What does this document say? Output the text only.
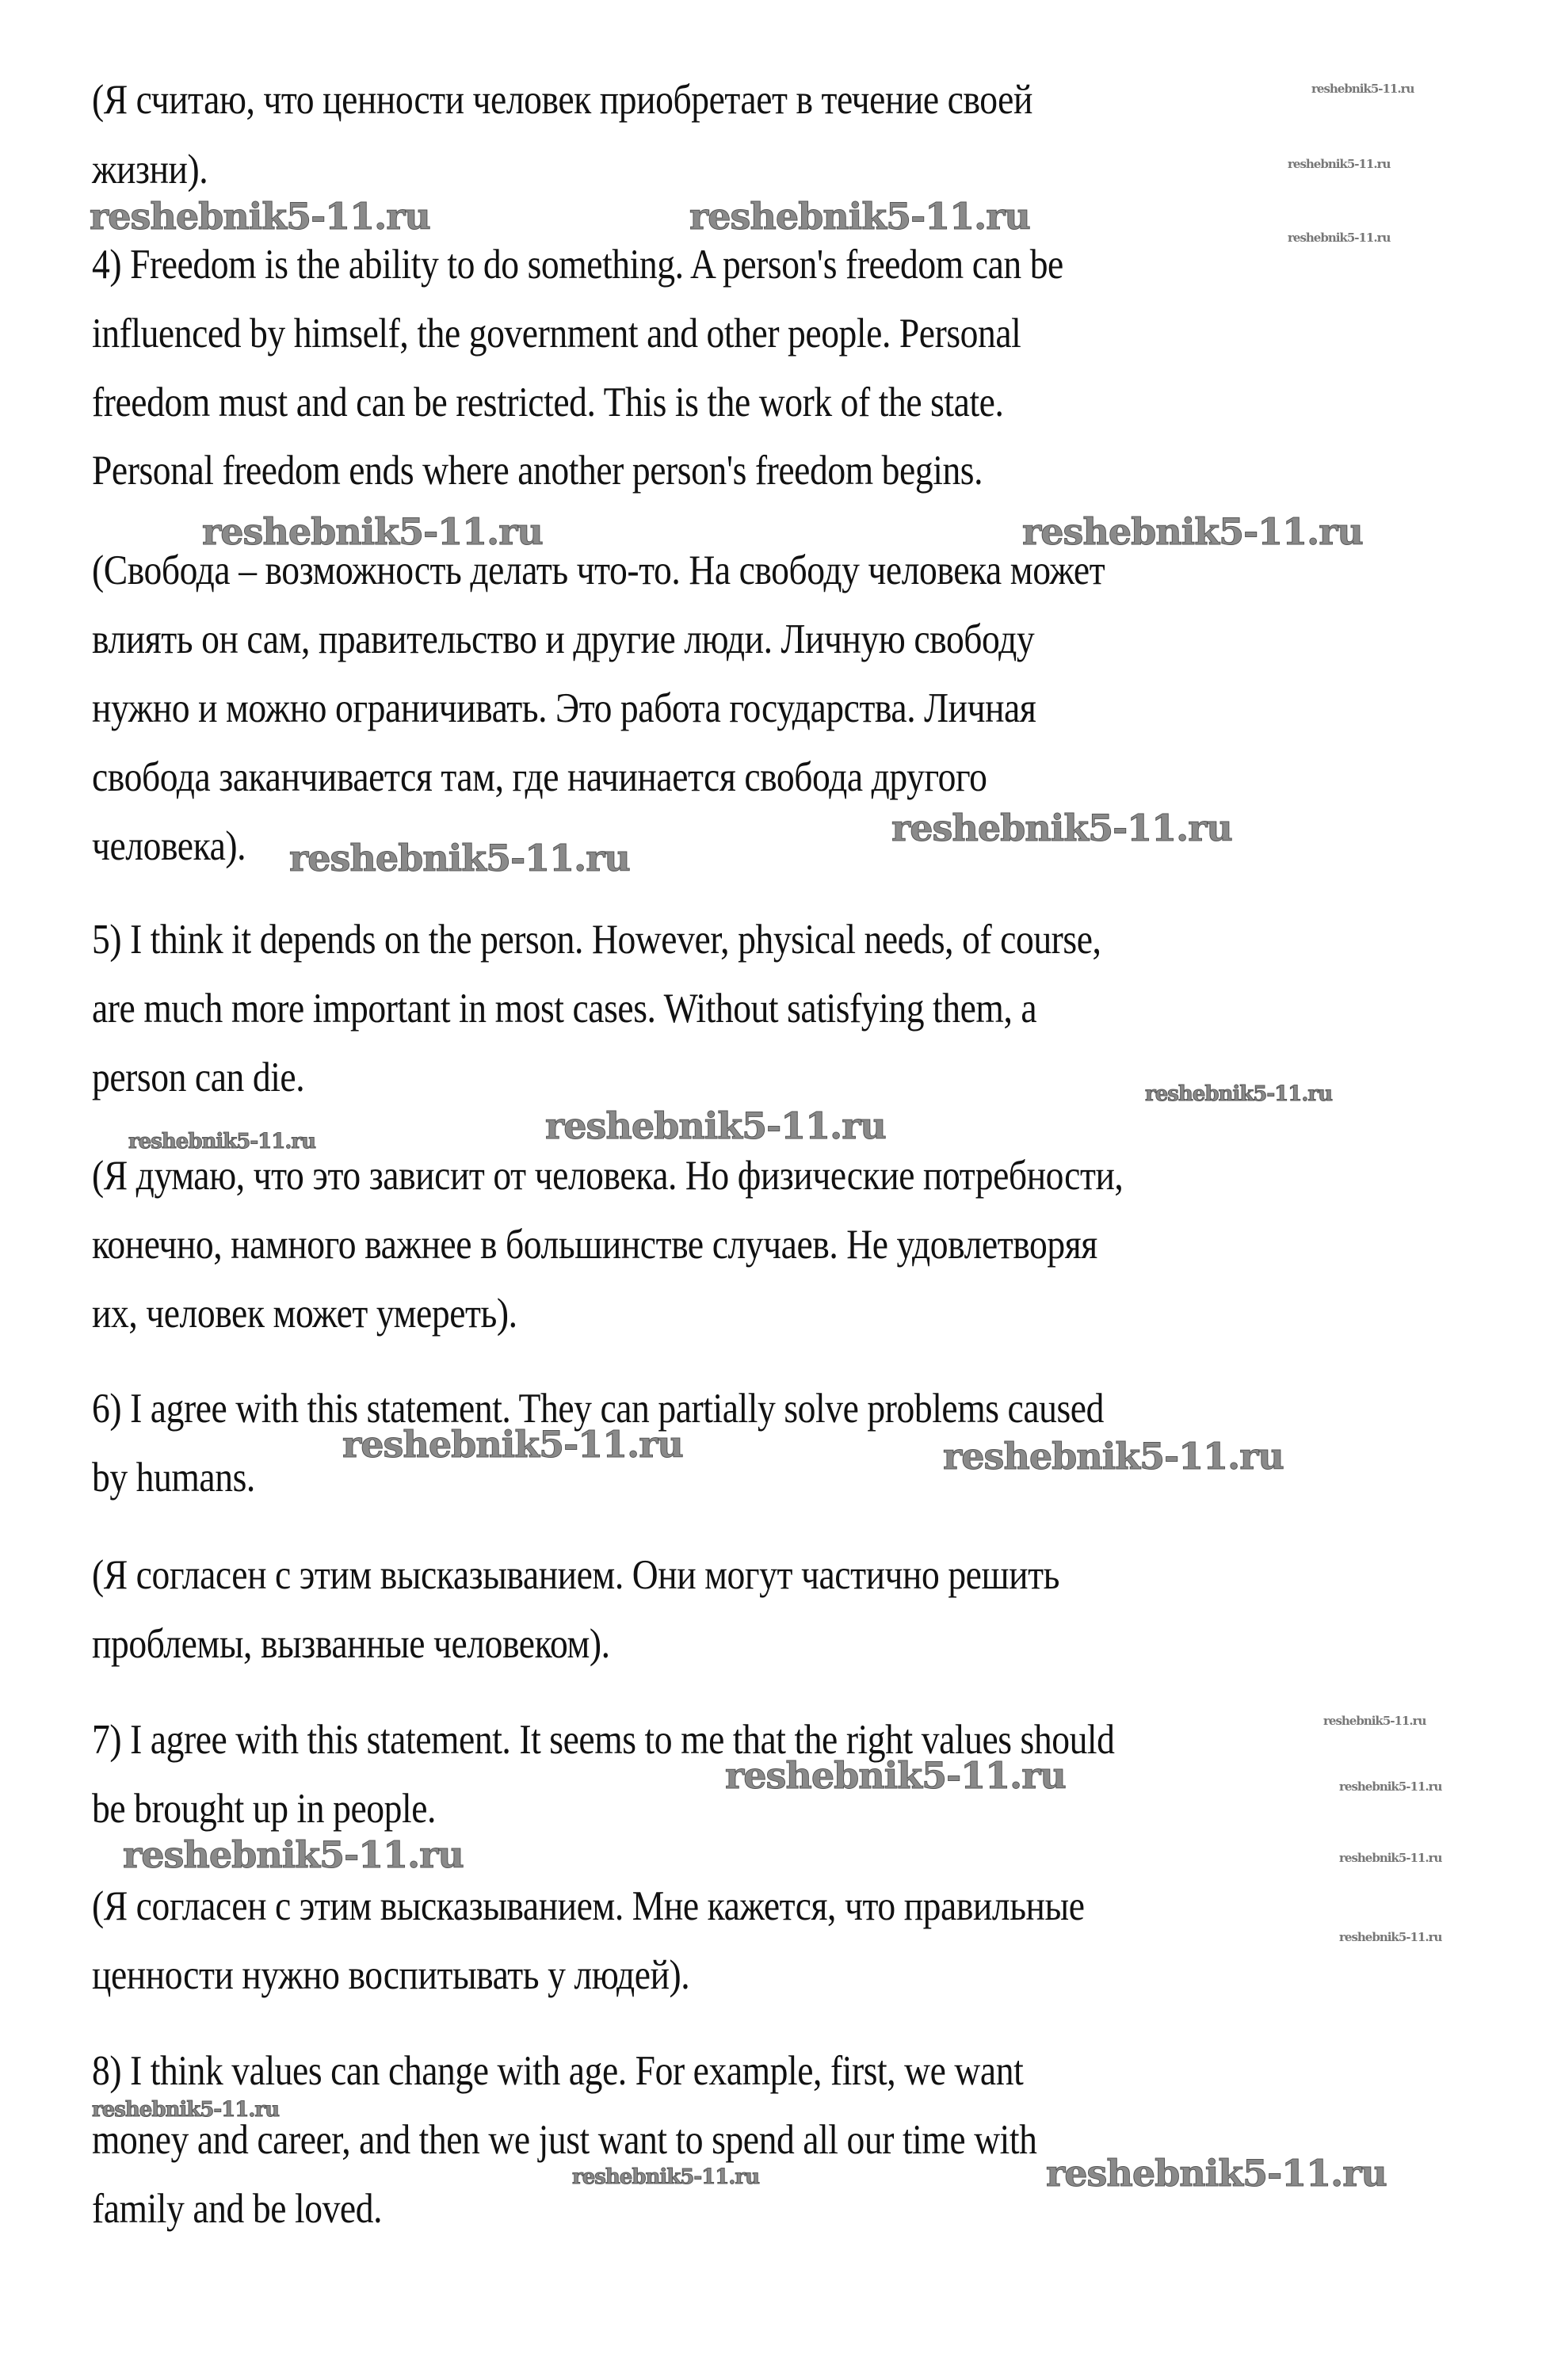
(Я считаю, что ценности человек приобретает в течение своей
жизни).
4) Freedom is the ability to do something. A person's freedom can be
influenced by himself, the government and other people. Personal
freedom must and can be restricted. This is the work of the state.
Personal freedom ends where another person's freedom begins.
(Свобода – возможность делать что-то. На свободу человека может
влиять он сам, правительство и другие люди. Личную свободу
нужно и можно ограничивать. Это работа государства. Личная
свобода заканчивается там, где начинается свобода другого
человека).
5) I think it depends on the person. However, physical needs, of course,
are much more important in most cases. Without satisfying them, a
person can die.
(Я думаю, что это зависит от человека. Но физические потребности,
конечно, намного важнее в большинстве случаев. Не удовлетворяя
их, человек может умереть).
6) I agree with this statement. They can partially solve problems caused
by humans.
(Я согласен с этим высказыванием. Они могут частично решить
проблемы, вызванные человеком).
7) I agree with this statement. It seems to me that the right values should
be brought up in people.
(Я согласен с этим высказыванием. Мне кажется, что правильные
ценности нужно воспитывать у людей).
8) I think values can change with age. For example, first, we want
money and career, and then we just want to spend all our time with
family and be loved.
reshebnik5-11.ru
reshebnik5-11.ru
reshebnik5-11.ru	reshebnik5-11.ru	reshebnik5-11.ru
reshebnik5-11.ru	reshebnik5-11.ru
reshebnik5-11.ru
reshebnik5-11.ru
reshebnik5-11.ru
reshebnik5-11.ru	reshebnik5-11.ru
reshebnik5-11.ru	reshebnik5-11.ru
reshebnik5-11.ru
reshebnik5-11.ru	reshebnik5-11.ru
reshebnik5-11.ru	reshebnik5-11.ru
reshebnik5-11.ru
reshebnik5-11.ru
reshebnik5-11.ru	reshebnik5-11.ru
